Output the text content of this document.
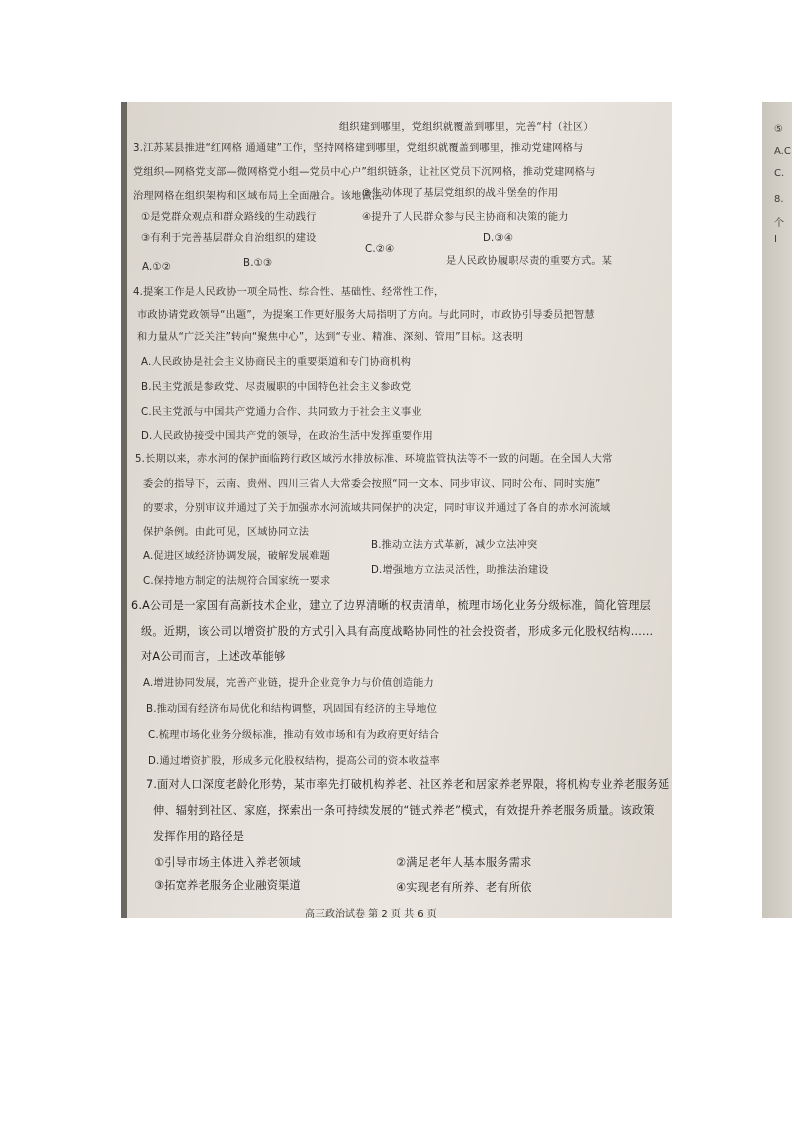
⑤
A.C
C.
8.
个
I
组织建到哪里，党组织就覆盖到哪里，完善“村（社区）
3.江苏某县推进“红网格 通通建”工作，坚持网格建到哪里，党组织就覆盖到哪里，推动党建网格与
党组织—网格党支部—微网格党小组—党员中心户”组织链条，让社区党员下沉网格，推动党建网格与
治理网格在组织架构和区域布局上全面融合。该地做法
①是党群众观点和群众路线的生动践行
②生动体现了基层党组织的战斗堡垒的作用
③有利于完善基层群众自治组织的建设
④提升了人民群众参与民主协商和决策的能力
A.①②	B.①③
C.②④
D.③④
是人民政协履职尽责的重要方式。某
4.提案工作是人民政协一项全局性、综合性、基础性、经常性工作，
市政协请党政领导“出题”，为提案工作更好服务大局指明了方向。与此同时，市政协引导委员把智慧
和力量从“广泛关注”转向“聚焦中心”，达到“专业、精准、深刻、管用”目标。这表明
A.人民政协是社会主义协商民主的重要渠道和专门协商机构
B.民主党派是参政党、尽责履职的中国特色社会主义参政党
C.民主党派与中国共产党通力合作、共同致力于社会主义事业
D.人民政协接受中国共产党的领导，在政治生活中发挥重要作用
5.长期以来，赤水河的保护面临跨行政区域污水排放标准、环境监管执法等不一致的问题。在全国人大常
委会的指导下，云南、贵州、四川三省人大常委会按照“同一文本、同步审议、同时公布、同时实施”
的要求，分别审议并通过了关于加强赤水河流域共同保护的决定，同时审议并通过了各自的赤水河流域
保护条例。由此可见，区域协同立法
A.促进区域经济协调发展，破解发展难题
B.推动立法方式革新，减少立法冲突
C.保持地方制定的法规符合国家统一要求
D.增强地方立法灵活性，助推法治建设
6.A公司是一家国有高新技术企业，建立了边界清晰的权责清单，梳理市场化业务分级标准，简化管理层
级。近期，该公司以增资扩股的方式引入具有高度战略协同性的社会投资者，形成多元化股权结构……
对A公司而言，上述改革能够
A.增进协同发展，完善产业链，提升企业竞争力与价值创造能力
B.推动国有经济布局优化和结构调整，巩固国有经济的主导地位
C.梳理市场化业务分级标准，推动有效市场和有为政府更好结合
D.通过增资扩股，形成多元化股权结构，提高公司的资本收益率
7.面对人口深度老龄化形势，某市率先打破机构养老、社区养老和居家养老界限，将机构专业养老服务延
伸、辐射到社区、家庭，探索出一条可持续发展的“链式养老”模式，有效提升养老服务质量。该政策
发挥作用的路径是
①引导市场主体进入养老领域	②满足老年人基本服务需求
③拓宽养老服务企业融资渠道	④实现老有所养、老有所依
高三政治试卷 第 2 页 共 6 页
